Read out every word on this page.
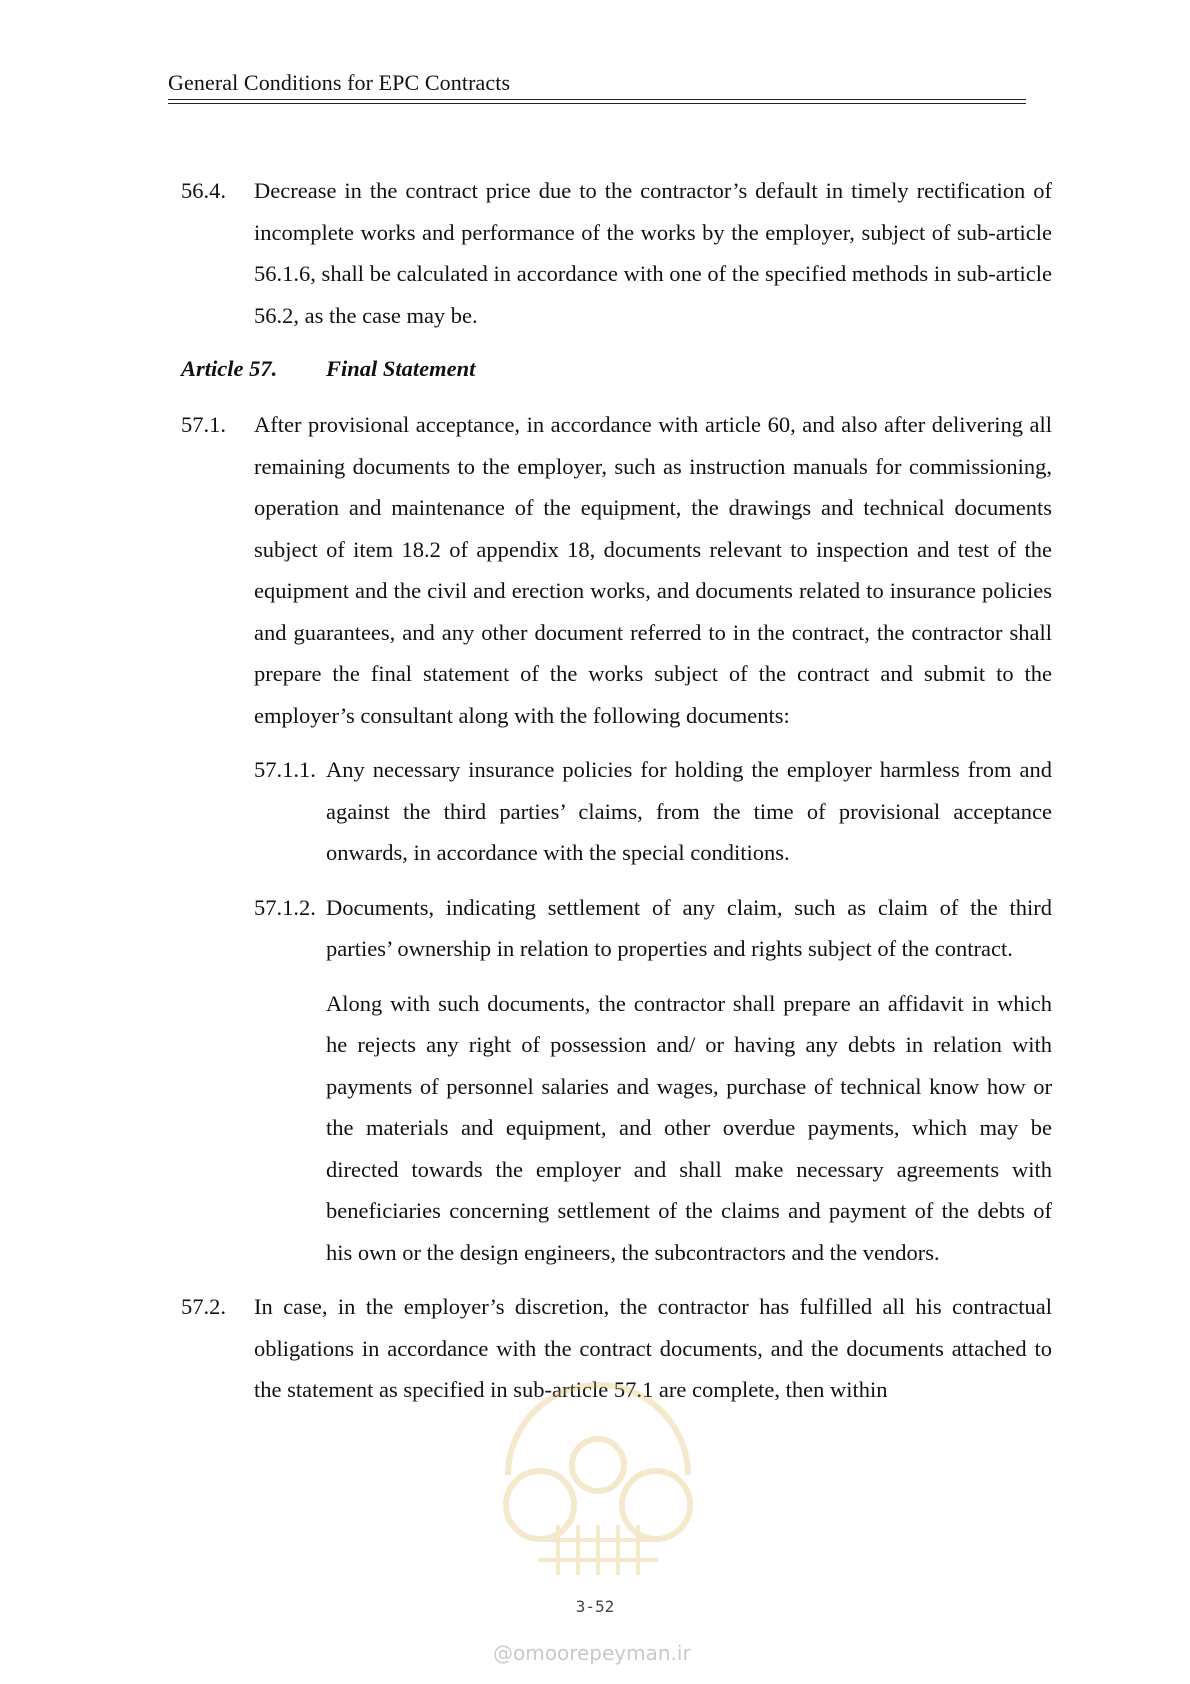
General Conditions for EPC Contracts
56.4. Decrease in the contract price due to the contractor’s default in timely rectification of incomplete works and performance of the works by the employer, subject of sub-article 56.1.6, shall be calculated in accordance with one of the specified methods in sub-article 56.2, as the case may be.
Article 57. Final Statement
57.1. After provisional acceptance, in accordance with article 60, and also after delivering all remaining documents to the employer, such as instruction manuals for commissioning, operation and maintenance of the equipment, the drawings and technical documents subject of item 18.2 of appendix 18, documents relevant to inspection and test of the equipment and the civil and erection works, and documents related to insurance policies and guarantees, and any other document referred to in the contract, the contractor shall prepare the final statement of the works subject of the contract and submit to the employer’s consultant along with the following documents:
57.1.1. Any necessary insurance policies for holding the employer harmless from and against the third parties’ claims, from the time of provisional acceptance onwards, in accordance with the special conditions.
57.1.2. Documents, indicating settlement of any claim, such as claim of the third parties’ ownership in relation to properties and rights subject of the contract.
Along with such documents, the contractor shall prepare an affidavit in which he rejects any right of possession and/ or having any debts in relation with payments of personnel salaries and wages, purchase of technical know how or the materials and equipment, and other overdue payments, which may be directed towards the employer and shall make necessary agreements with beneficiaries concerning settlement of the claims and payment of the debts of his own or the design engineers, the subcontractors and the vendors.
57.2. In case, in the employer’s discretion, the contractor has fulfilled all his contractual obligations in accordance with the contract documents, and the documents attached to the statement as specified in sub-article 57.1 are complete, then within
3-52
@omoorepeyman.ir
